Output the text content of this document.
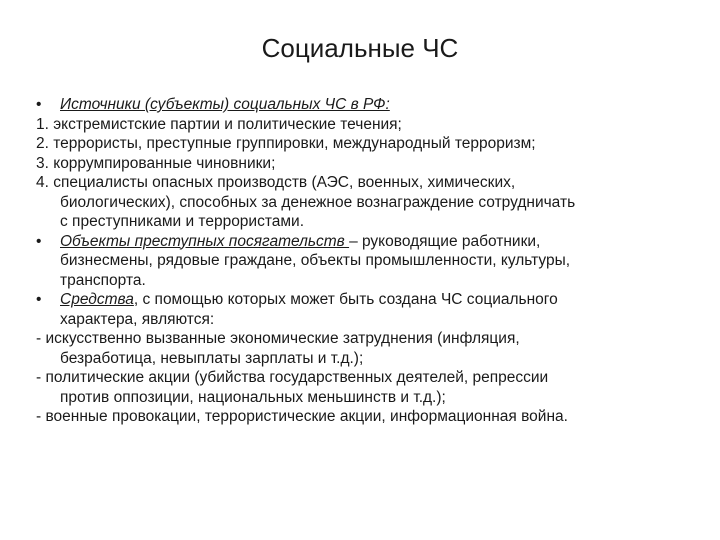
Социальные ЧС
• Источники (субъекты) социальных ЧС в РФ:
1. экстремистские партии и политические течения;
2. террористы, преступные группировки, международный терроризм;
3. коррумпированные чиновники;
4. специалисты опасных производств (АЭС, военных, химических,
биологических), способных за денежное вознаграждение сотрудничать
с преступниками и террористами.
• Объекты преступных посягательств – руководящие работники,
бизнесмены, рядовые граждане, объекты промышленности, культуры,
транспорта.
• Средства, с помощью которых может быть создана ЧС социального
характера, являются:
- искусственно вызванные экономические затруднения (инфляция,
безработица, невыплаты зарплаты и т.д.);
- политические акции (убийства государственных деятелей, репрессии
против оппозиции, национальных меньшинств и т.д.);
- военные провокации, террористические акции, информационная война.
